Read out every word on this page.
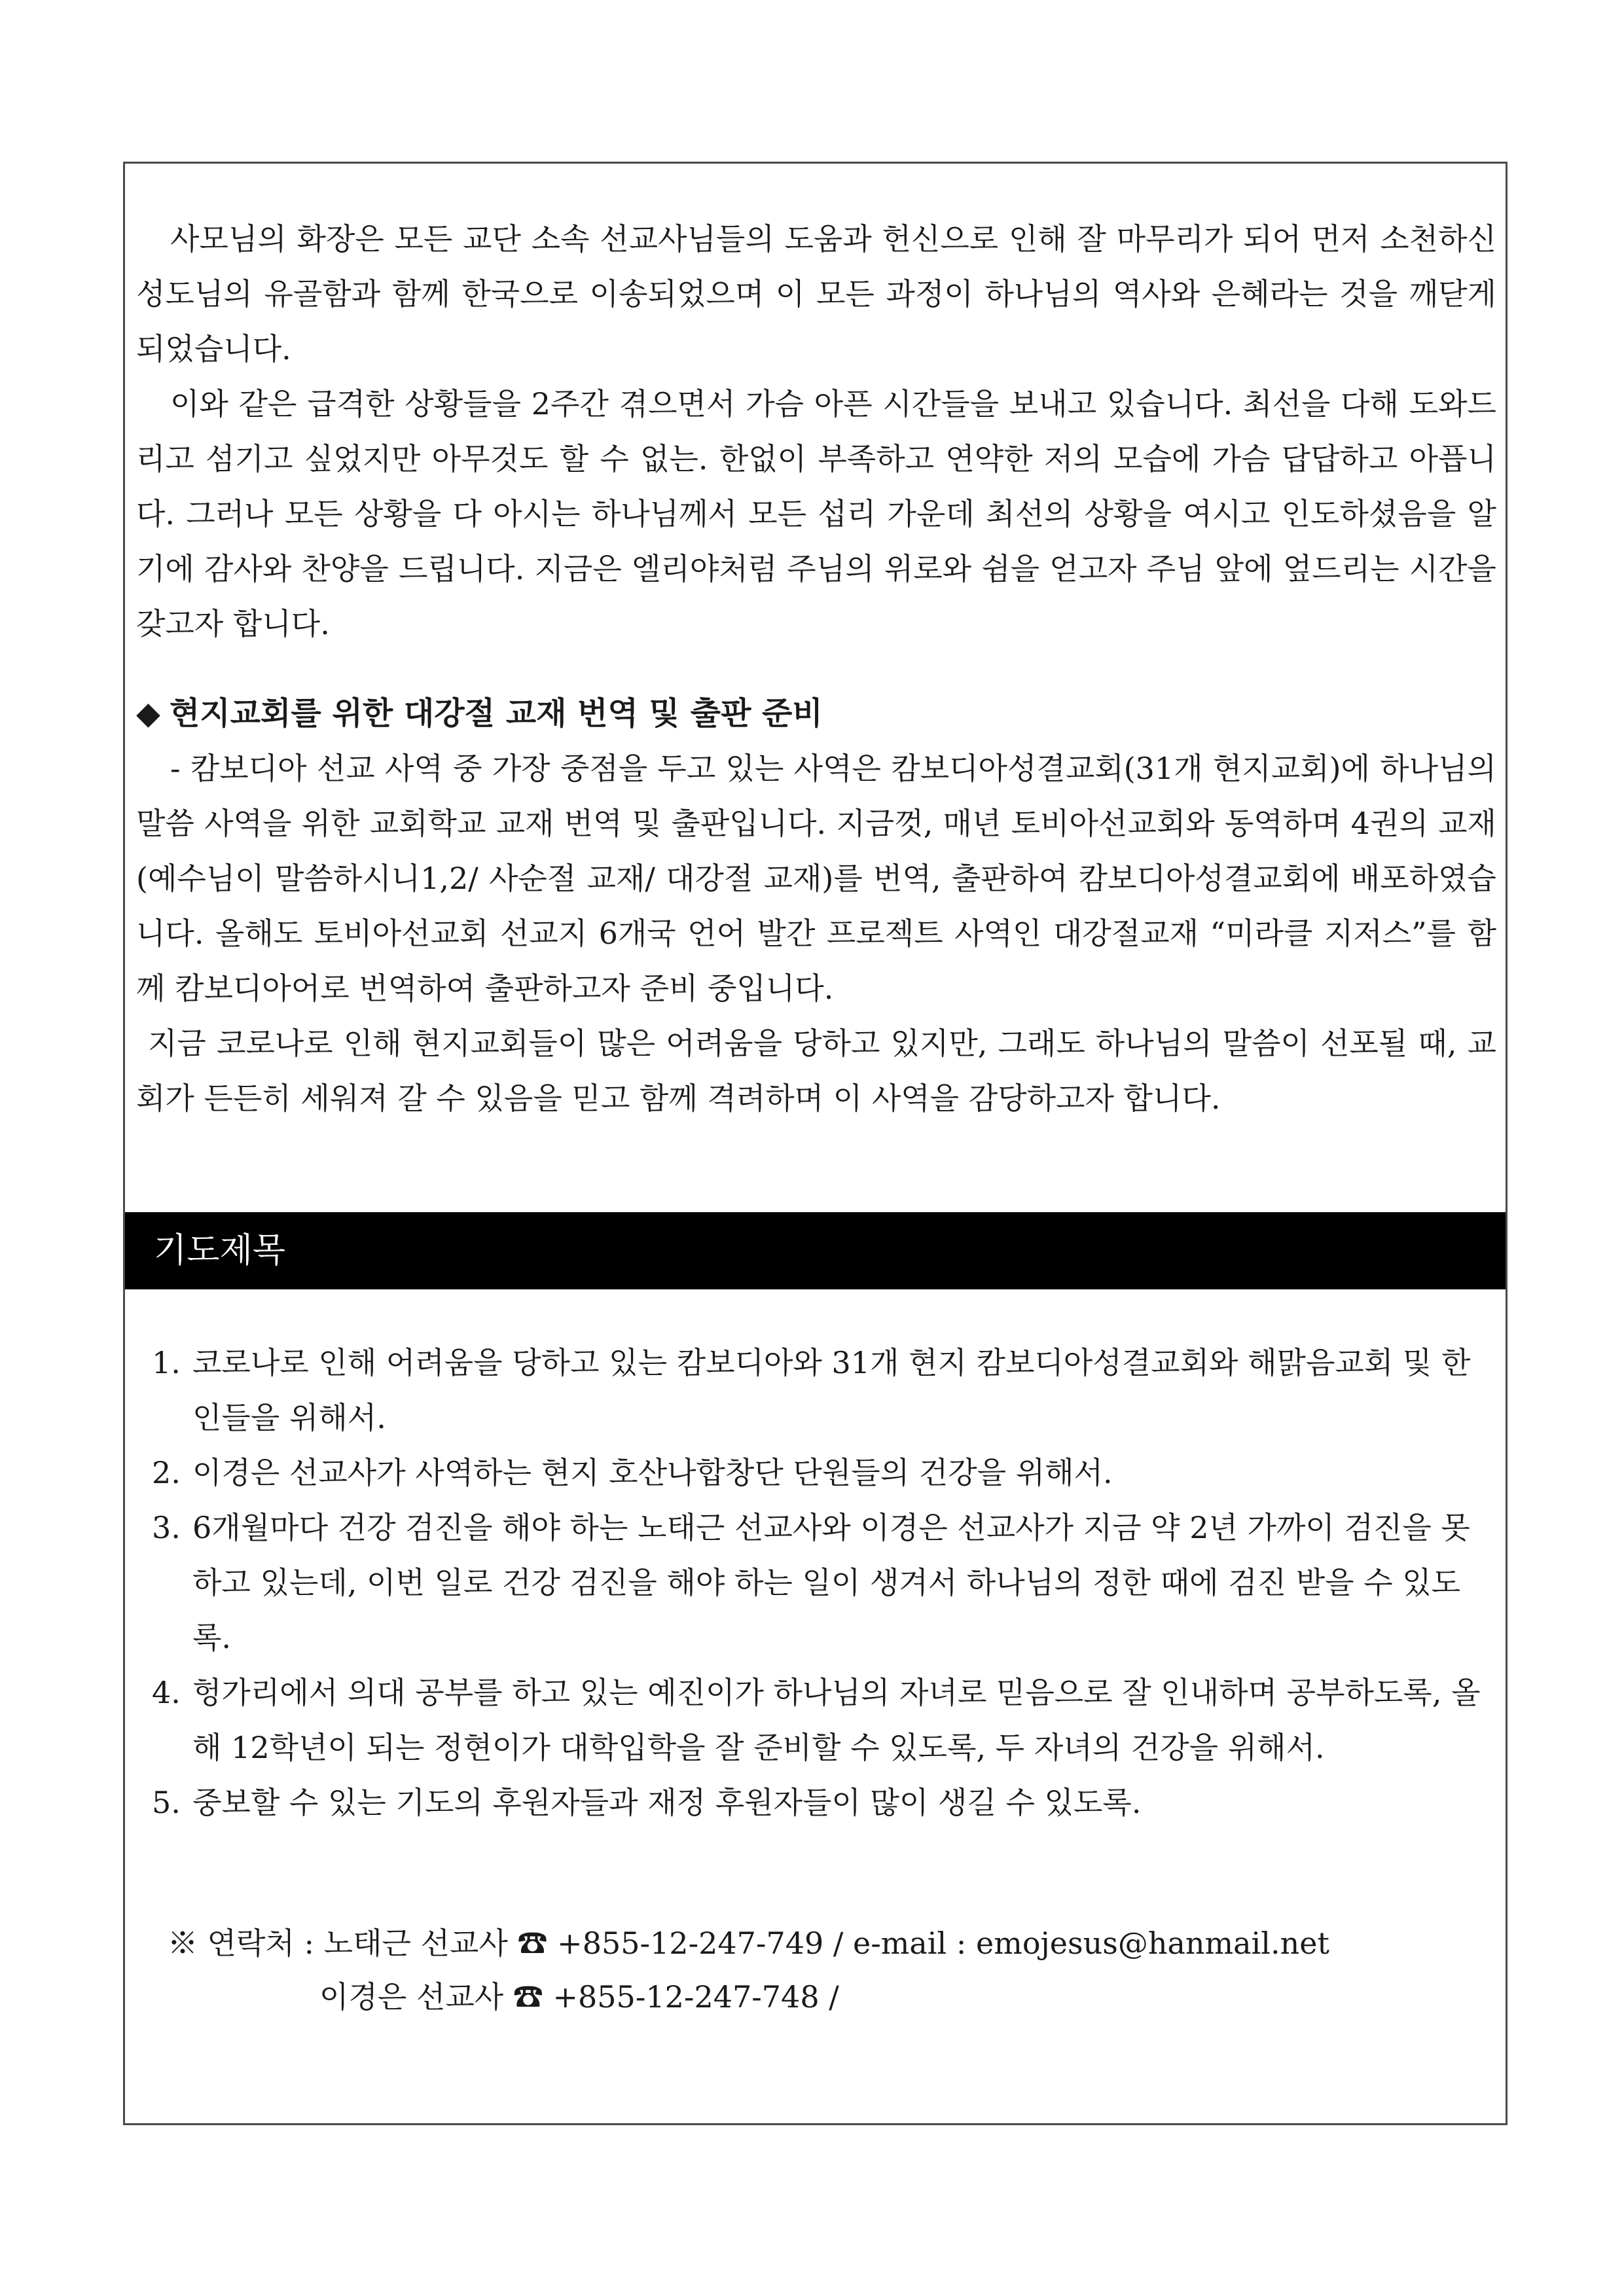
사모님의 화장은 모든 교단 소속 선교사님들의 도움과 헌신으로 인해 잘 마무리가 되어 먼저 소천하신 성도님의 유골함과 함께 한국으로 이송되었으며 이 모든 과정이 하나님의 역사와 은혜라는 것을 깨닫게 되었습니다.

이와 같은 급격한 상황들을 2주간 겪으면서 가슴 아픈 시간들을 보내고 있습니다. 최선을 다해 도와드리고 섬기고 싶었지만 아무것도 할 수 없는. 한없이 부족하고 연약한 저의 모습에 가슴 답답하고 아픕니다. 그러나 모든 상황을 다 아시는 하나님께서 모든 섭리 가운데 최선의 상황을 여시고 인도하셨음을 알기에 감사와 찬양을 드립니다. 지금은 엘리야처럼 주님의 위로와 쉼을 얻고자 주님 앞에 엎드리는 시간을 갖고자 합니다.

◆ 현지교회를 위한 대강절 교재 번역 및 출판 준비

- 캄보디아 선교 사역 중 가장 중점을 두고 있는 사역은 캄보디아성결교회(31개 현지교회)에 하나님의 말씀 사역을 위한 교회학교 교재 번역 및 출판입니다. 지금껏, 매년 토비아선교회와 동역하며 4권의 교재(예수님이 말씀하시니1,2/ 사순절 교재/ 대강절 교재)를 번역, 출판하여 캄보디아성결교회에 배포하였습니다. 올해도 토비아선교회 선교지 6개국 언어 발간 프로젝트 사역인 대강절교재 “미라클 지저스”를 함께 캄보디아어로 번역하여 출판하고자 준비 중입니다.

지금 코로나로 인해 현지교회들이 많은 어려움을 당하고 있지만, 그래도 하나님의 말씀이 선포될 때, 교회가 든든히 세워져 갈 수 있음을 믿고 함께 격려하며 이 사역을 감당하고자 합니다.

기도제목
1. 코로나로 인해 어려움을 당하고 있는 캄보디아와 31개 현지 캄보디아성결교회와 해맑음교회 및 한인들을 위해서.
2. 이경은 선교사가 사역하는 현지 호산나합창단 단원들의 건강을 위해서.
3. 6개월마다 건강 검진을 해야 하는 노태근 선교사와 이경은 선교사가 지금 약 2년 가까이 검진을 못하고 있는데, 이번 일로 건강 검진을 해야 하는 일이 생겨서 하나님의 정한 때에 검진 받을 수 있도록.
4. 헝가리에서 의대 공부를 하고 있는 예진이가 하나님의 자녀로 믿음으로 잘 인내하며 공부하도록, 올해 12학년이 되는 정현이가 대학입학을 잘 준비할 수 있도록, 두 자녀의 건강을 위해서.
5. 중보할 수 있는 기도의 후원자들과 재정 후원자들이 많이 생길 수 있도록.
※ 연락처 : 노태근 선교사 ☎ +855-12-247-749 / e-mail : emojesus@hanmail.net
이경은 선교사 ☎ +855-12-247-748 /
